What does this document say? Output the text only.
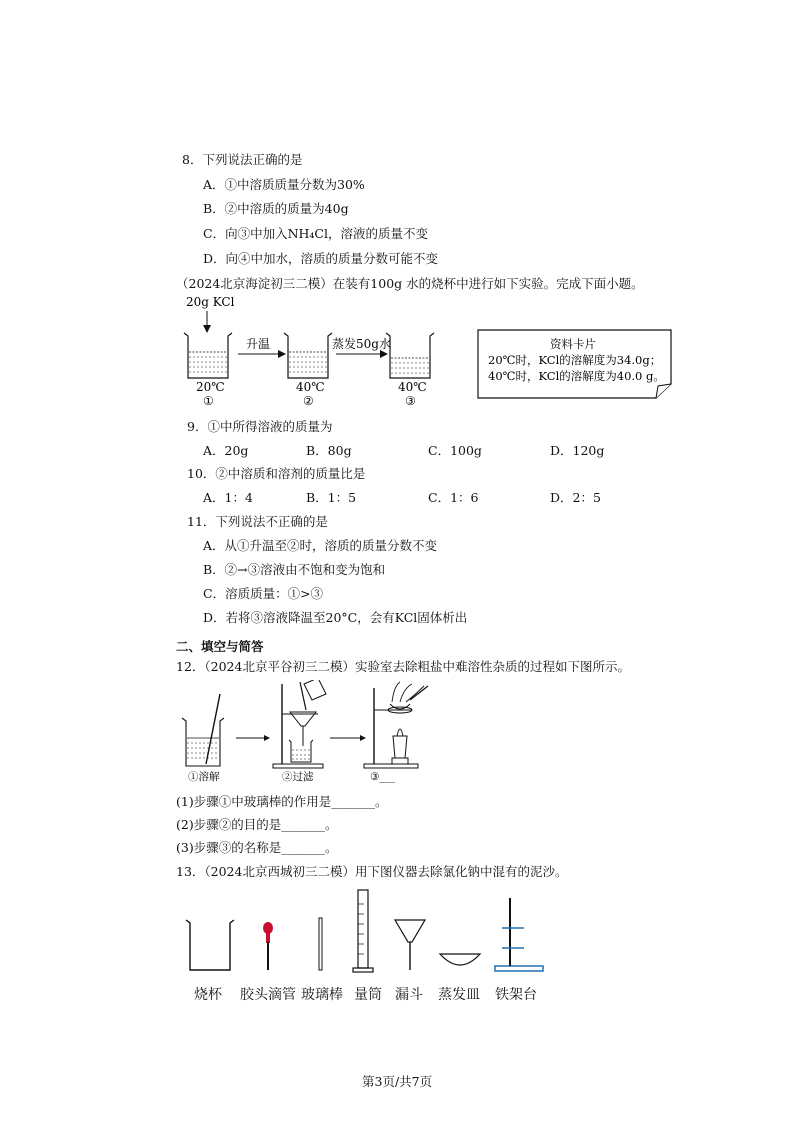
8．下列说法正确的是
A．①中溶质质量分数为30%
B．②中溶质的质量为40g
C．向③中加入NH₄Cl，溶液的质量不变
D．向④中加水，溶质的质量分数可能不变
（2024北京海淀初三二模）在装有100g 水的烧杯中进行如下实验。完成下面小题。
20g KCl
20℃
①
升温
40℃
②
蒸发50g水
40℃
③
资料卡片
20℃时，KCl的溶解度为34.0g；
40℃时，KCl的溶解度为40.0 g。
9．①中所得溶液的质量为
A．20g	B．80g	C．100g	D．120g
10．②中溶质和溶剂的质量比是
A．1：4	B．1：5	C．1：6	D．2：5
11．下列说法不正确的是
A．从①升温至②时，溶质的质量分数不变
B．②→③溶液由不饱和变为饱和
C．溶质质量：①>③
D．若将③溶液降温至20°C，会有KCl固体析出
二、填空与简答
12．（2024北京平谷初三二模）实验室去除粗盐中难溶性杂质的过程如下图所示。
①溶解	②过滤	③___
(1)步骤①中玻璃棒的作用是_______。
(2)步骤②的目的是_______。
(3)步骤③的名称是_______。
13．（2024北京西城初三二模）用下图仪器去除氯化钠中混有的泥沙。
烧杯 胶头滴管 玻璃棒 量筒 漏斗 蒸发皿 铁架台
第3页/共7页
